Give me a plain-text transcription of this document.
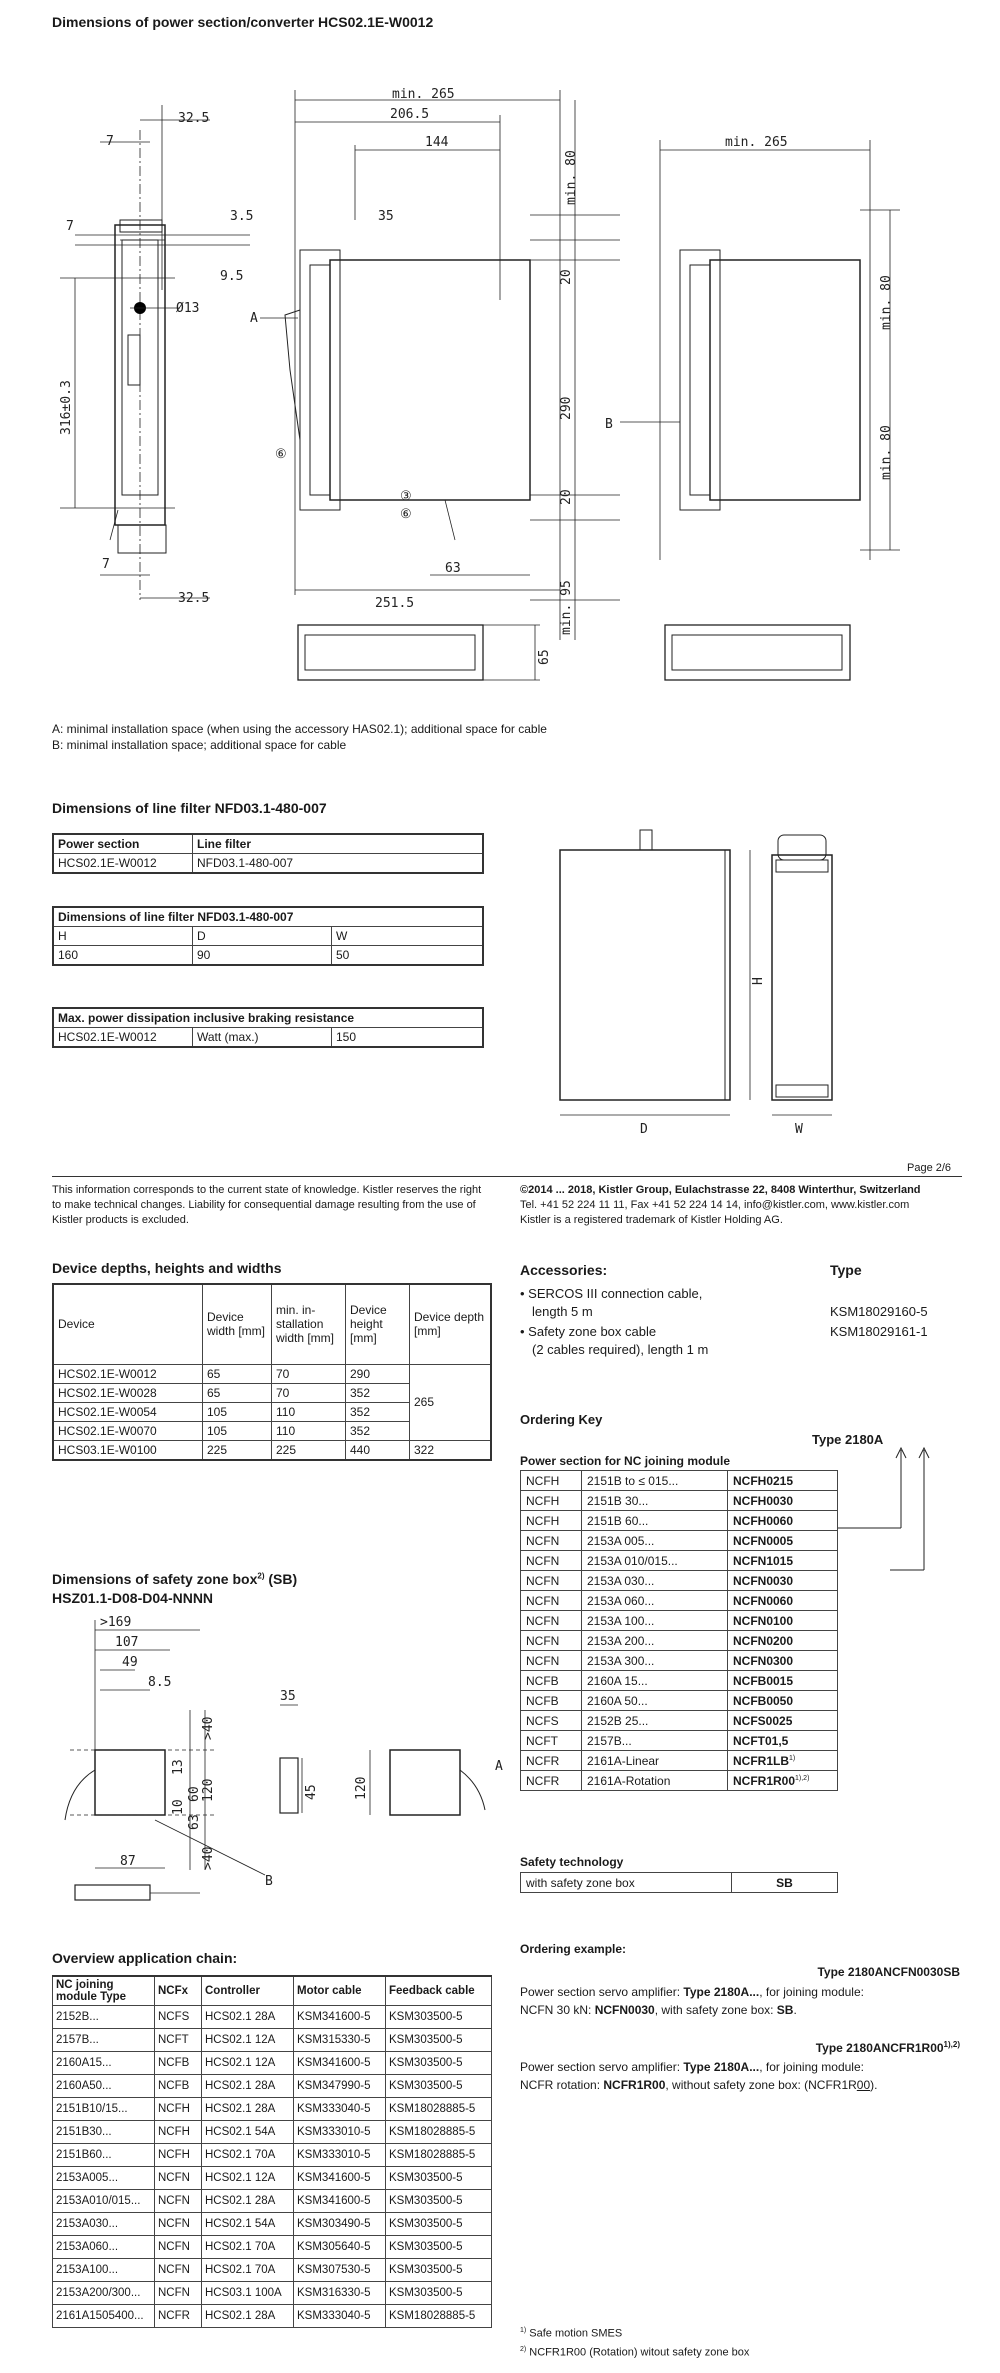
Dimensions of power section/converter HCS02.1E-W0012
32.5
7
7
3.5
9.5
Ø13
316±0.3
7
32.5
min. 265
206.5
144
35
min. 80
20
290
20
63
min. 95
251.5
A
⑥
③
⑥
65
min. 265
min. 80
min. 80
B
A: minimal installation space (when using the accessory HAS02.1); additional space for cable
B: minimal installation space; additional space for cable
Dimensions of line filter NFD03.1-480-007
Power section	Line filter
HCS02.1E-W0012	NFD03.1-480-007
Dimensions of line filter NFD03.1-480-007		
H	D	W
160	90	50
Max. power dissipation inclusive braking resistance
HCS02.1E-W0012	Watt (max.)	150
D
H
W
Page 2/6
This information corresponds to the current state of knowledge. Kistler reserves the right to make technical changes. Liability for consequential damage resulting from the use of Kistler products is excluded.
©2014 ... 2018, Kistler Group, Eulachstrasse 22, 8408 Winterthur, Switzerland
Tel. +41 52 224 11 11, Fax +41 52 224 14 14, info@kistler.com, www.kistler.com
Kistler is a registered trademark of Kistler Holding AG.
Device depths, heights and widths
Device	Device width [mm]	min. in-stallation width [mm]	Device height [mm]	Device depth [mm]
HCS02.1E-W0012	65	70	290	265
HCS02.1E-W0028	65	70	352	
HCS02.1E-W0054	105	110	352	
HCS02.1E-W0070	105	110	352	
HCS03.1E-W0100	225	225	440	322
Accessories:	Type
• SERCOS III connection cable,
length 5 m	KSM18029160-5
• Safety zone box cable
(2 cables required), length 1 m
KSM18029161-1
Ordering Key
Type 2180A
Power section for NC joining module
NCFH	2151B to ≤ 015...	NCFH0215
NCFH	2151B 30...	NCFH0030
NCFH	2151B 60...	NCFH0060
NCFN	2153A 005...	NCFN0005
NCFN	2153A 010/015...	NCFN1015
NCFN	2153A 030...	NCFN0030
NCFN	2153A 060...	NCFN0060
NCFN	2153A 100...	NCFN0100
NCFN	2153A 200...	NCFN0200
NCFN	2153A 300...	NCFN0300
NCFB	2160A 15...	NCFB0015
NCFB	2160A 50...	NCFB0050
NCFS	2152B 25...	NCFS0025
NCFT	2157B...	NCFT01,5
NCFR	2161A-Linear	NCFR1LB$^{1)}$
NCFR	2161A-Rotation	$NCFR1R00^{1),2)}$
Safety technology
with safety zone box	SB
Ordering example:
Type 2180ANCFN0030SB
Power section servo amplifier: Type 2180A..., for joining module:
NCFN 30 kN: NCFN0030, with safety zone box: SB.
Type $2180ANCFR1R00^{1),2)}$
Power section servo amplifier: Type 2180A..., for joining module:
NCFR rotation: NCFR1R00, without safety zone box: (NCFR1R00).
$^{1)}$ Safe motion SMES
$^{2)}$ NCFR1R00 (Rotation) witout safety zone box
Dimensions of safety zone box$^{2)}$ (SB)
HSZ01.1-D08-D04-NNNN
>169
107
49
8.5
>40
13
120
60
10
63
>40
87
B
35
45	120
A
Overview application chain:
NC joining module Type	NCFx	Controller	Motor cable	Feedback cable
2152B...	NCFS	HCS02.1 28A	KSM341600-5	KSM303500-5
2157B...	NCFT	HCS02.1 12A	KSM315330-5	KSM303500-5
2160A15...	NCFB	HCS02.1 12A	KSM341600-5	KSM303500-5
2160A50...	NCFB	HCS02.1 28A	KSM347990-5	KSM303500-5
2151B10/15...	NCFH	HCS02.1 28A	KSM333040-5	KSM18028885-5
2151B30...	NCFH	HCS02.1 54A	KSM333010-5	KSM18028885-5
2151B60...	NCFH	HCS02.1 70A	KSM333010-5	KSM18028885-5
2153A005...	NCFN	HCS02.1 12A	KSM341600-5	KSM303500-5
2153A010/015...	NCFN	HCS02.1 28A	KSM341600-5	KSM303500-5
2153A030...	NCFN	HCS02.1 54A	KSM303490-5	KSM303500-5
2153A060...	NCFN	HCS02.1 70A	KSM305640-5	KSM303500-5
2153A100...	NCFN	HCS02.1 70A	KSM307530-5	KSM303500-5
2153A200/300...	NCFN	HCS03.1 100A	KSM316330-5	KSM303500-5
2161A1505400...	NCFR	HCS02.1 28A	KSM333040-5	KSM18028885-5
